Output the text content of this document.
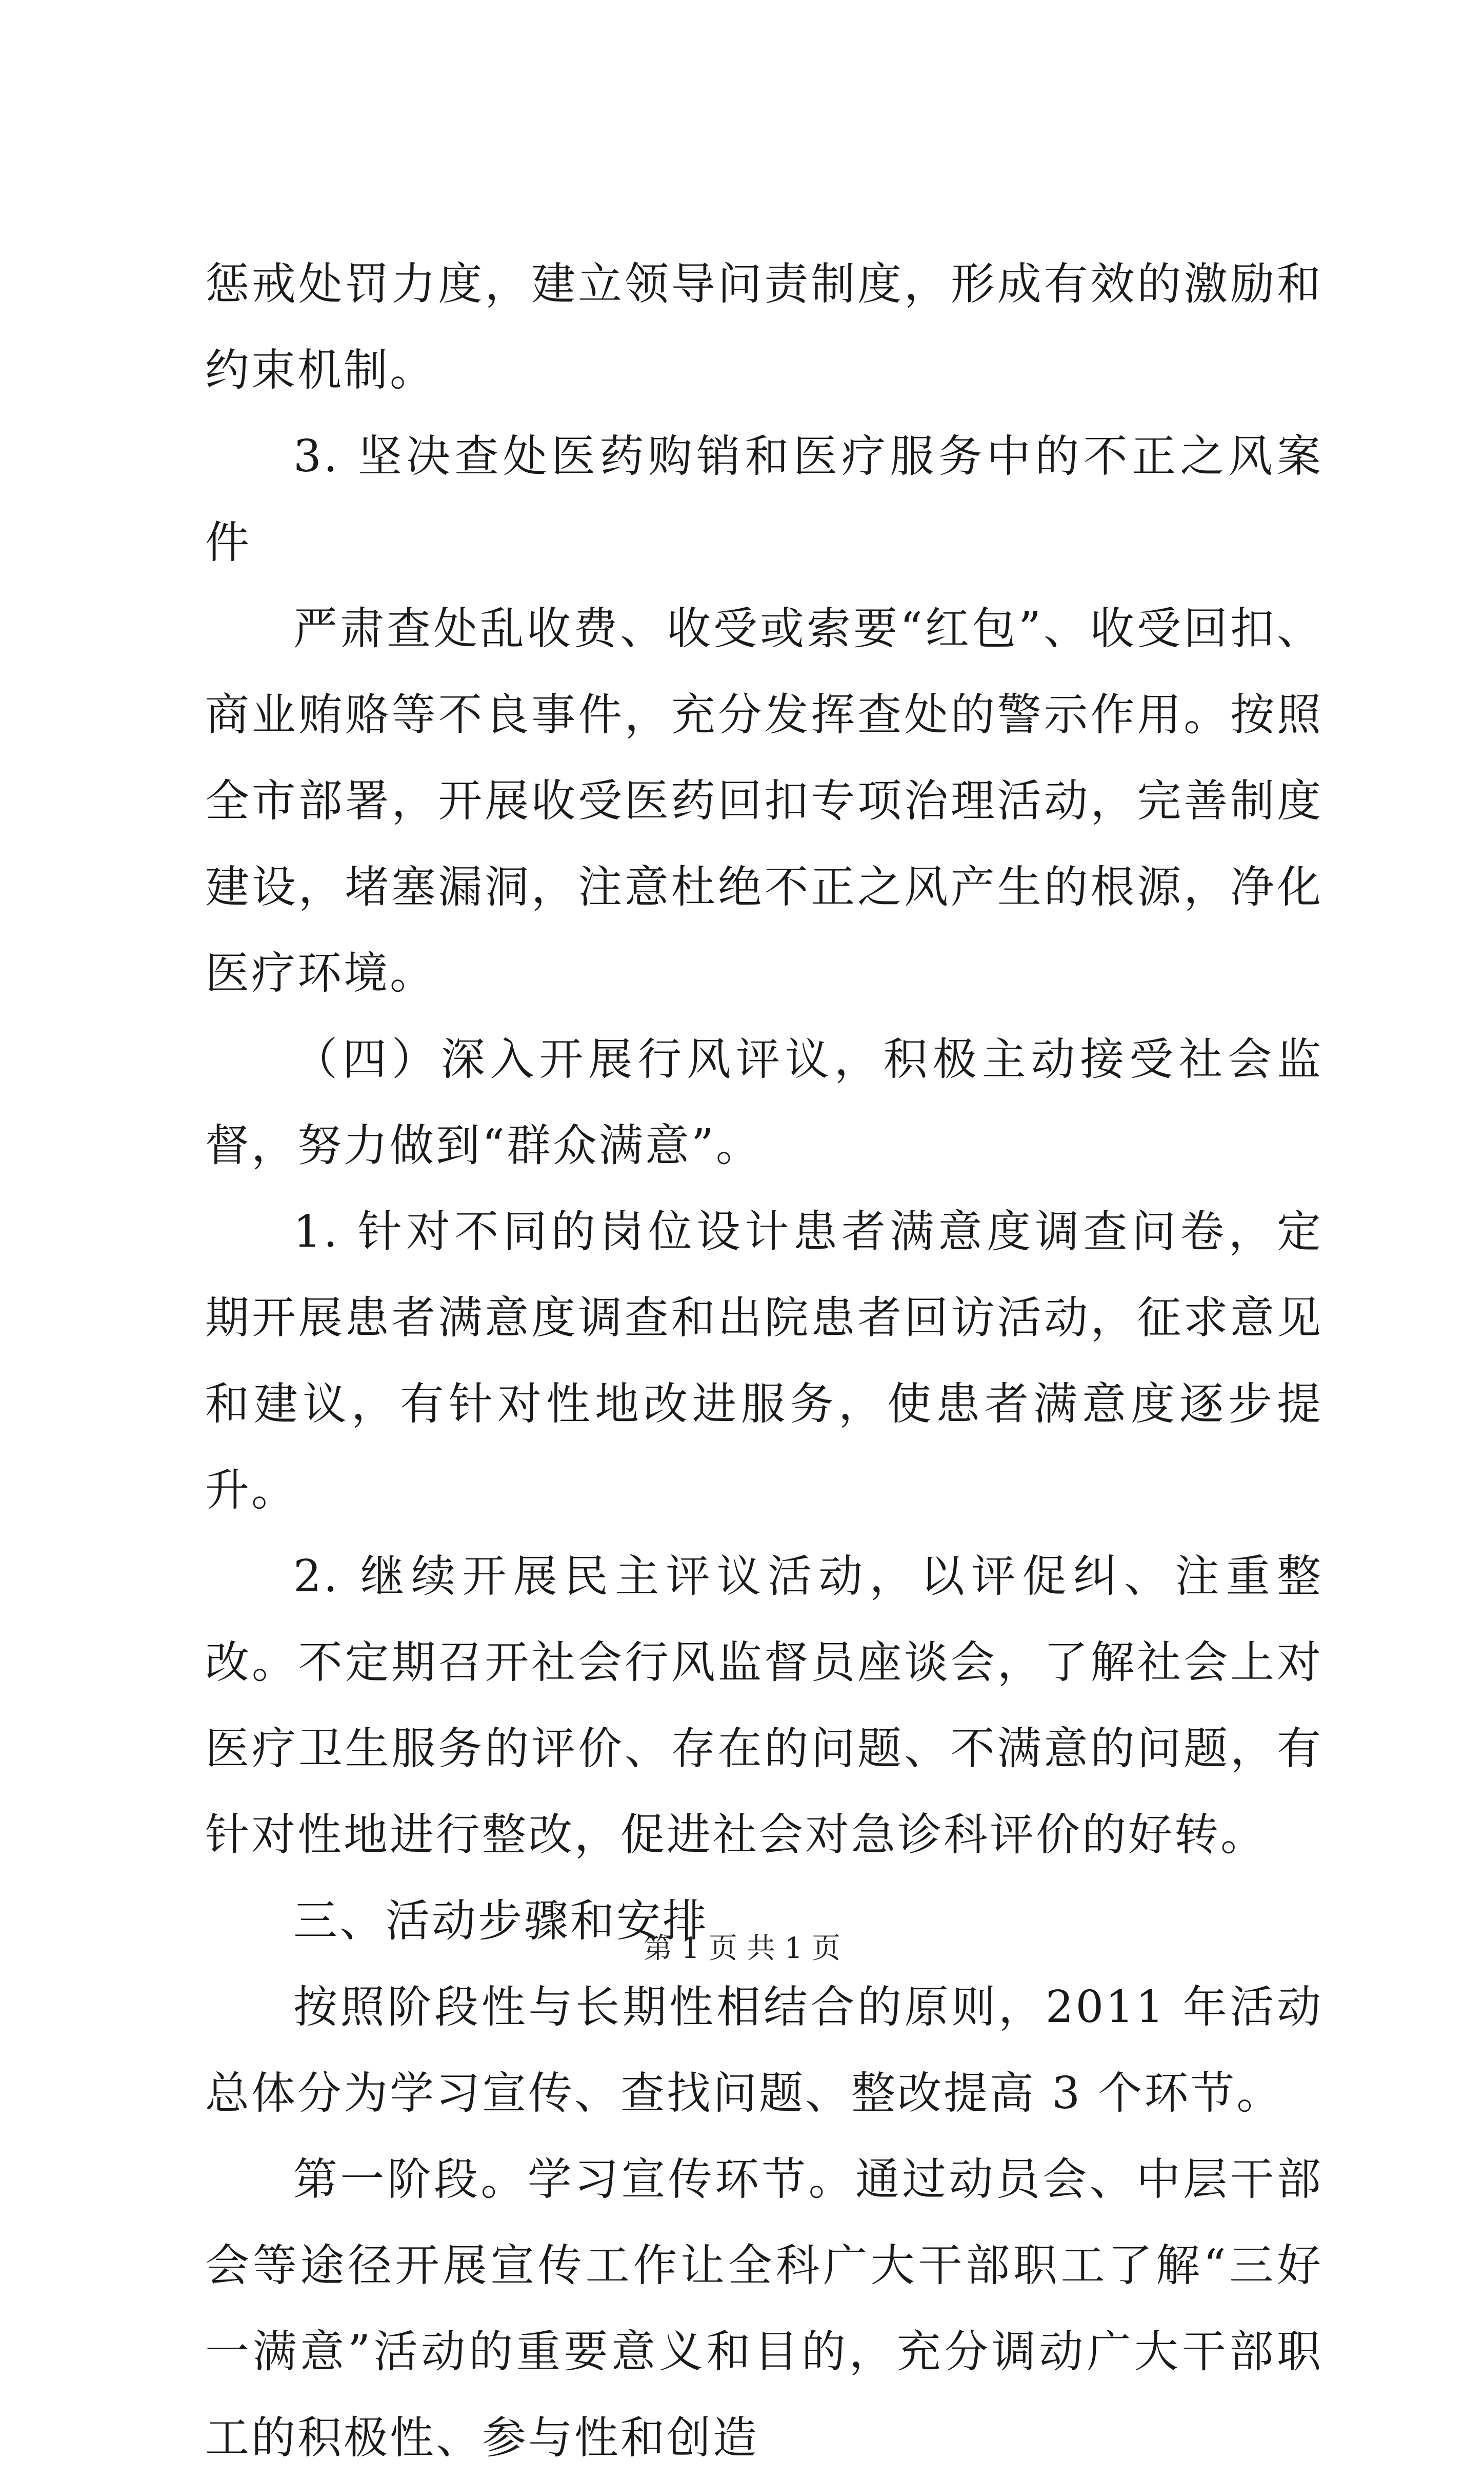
惩戒处罚力度，建立领导问责制度，形成有效的激励和约束机制。

3. 坚决查处医药购销和医疗服务中的不正之风案件

严肃查处乱收费、收受或索要“红包”、收受回扣、商业贿赂等不良事件，充分发挥查处的警示作用。按照全市部署，开展收受医药回扣专项治理活动，完善制度建设，堵塞漏洞，注意杜绝不正之风产生的根源，净化医疗环境。

（四）深入开展行风评议，积极主动接受社会监督，努力做到“群众满意”。

1. 针对不同的岗位设计患者满意度调查问卷，定期开展患者满意度调查和出院患者回访活动，征求意见和建议，有针对性地改进服务，使患者满意度逐步提升。

2. 继续开展民主评议活动，以评促纠、注重整改。不定期召开社会行风监督员座谈会，了解社会上对医疗卫生服务的评价、存在的问题、不满意的问题，有针对性地进行整改，促进社会对急诊科评价的好转。

三、活动步骤和安排

按照阶段性与长期性相结合的原则，2011 年活动总体分为学习宣传、查找问题、整改提高 3 个环节。

第一阶段。学习宣传环节。通过动员会、中层干部会等途径开展宣传工作让全科广大干部职工了解“三好一满意”活动的重要意义和目的，充分调动广大干部职工的积极性、参与性和创造

第 1 页 共 1 页
